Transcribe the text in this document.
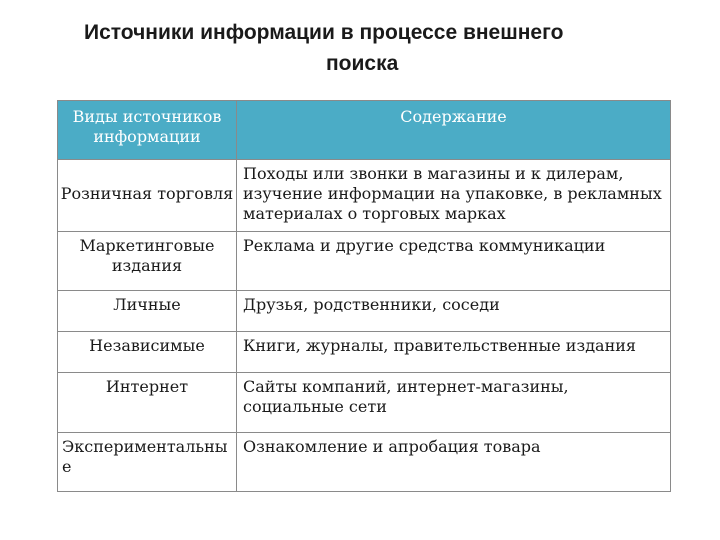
Источники информации в процессе внешнего
поиска
Виды источников информации	Содержание

Розничная торговля	Походы или звонки в магазины и к дилерам, изучение информации на упаковке, в рекламных материалах о торговых марках

Маркетинговые издания	Реклама и другие средства коммуникации

Личные	Друзья, родственники, соседи

Независимые	Книги, журналы, правительственные издания

Интернет	Сайты компаний, интернет-магазины, социальные сети

Экспериментальные	Ознакомление и апробация товара
